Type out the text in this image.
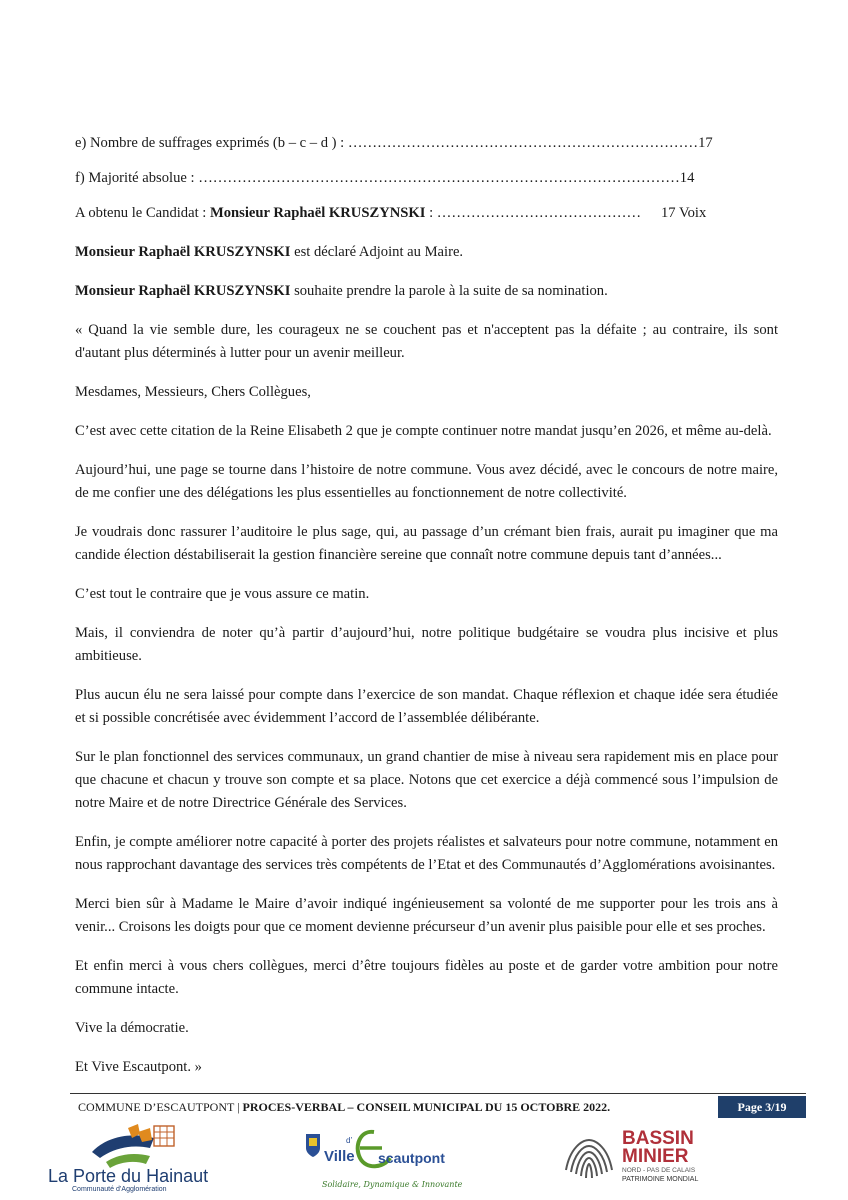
e) Nombre de suffrages exprimés (b – c – d ) : ………………………………………………………………17
f) Majorité absolue : ………………………………………………………………………………………14
A obtenu le Candidat : Monsieur Raphaël KRUSZYNSKI : …………………………………… 17 Voix

Monsieur Raphaël KRUSZYNSKI est déclaré Adjoint au Maire.

Monsieur Raphaël KRUSZYNSKI souhaite prendre la parole à la suite de sa nomination.

« Quand la vie semble dure, les courageux ne se couchent pas et n'acceptent pas la défaite ; au contraire, ils sont d'autant plus déterminés à lutter pour un avenir meilleur.

Mesdames, Messieurs, Chers Collègues,

C’est avec cette citation de la Reine Elisabeth 2 que je compte continuer notre mandat jusqu’en 2026, et même au-delà.

Aujourd’hui, une page se tourne dans l’histoire de notre commune. Vous avez décidé, avec le concours de notre maire, de me confier une des délégations les plus essentielles au fonctionnement de notre collectivité.

Je voudrais donc rassurer l’auditoire le plus sage, qui, au passage d’un crémant bien frais, aurait pu imaginer que ma candide élection déstabiliserait la gestion financière sereine que connaît notre commune depuis tant d’années...

C’est tout le contraire que je vous assure ce matin.

Mais, il conviendra de noter qu’à partir d’aujourd’hui, notre politique budgétaire se voudra plus incisive et plus ambitieuse.

Plus aucun élu ne sera laissé pour compte dans l’exercice de son mandat. Chaque réflexion et chaque idée sera étudiée et si possible concrétisée avec évidemment l’accord de l’assemblée délibérante.

Sur le plan fonctionnel des services communaux, un grand chantier de mise à niveau sera rapidement mis en place pour que chacune et chacun y trouve son compte et sa place. Notons que cet exercice a déjà commencé sous l’impulsion de notre Maire et de notre Directrice Générale des Services.

Enfin, je compte améliorer notre capacité à porter des projets réalistes et salvateurs pour notre commune, notamment en nous rapprochant davantage des services très compétents de l’Etat et des Communautés d’Agglomérations avoisinantes.

Merci bien sûr à Madame le Maire d’avoir indiqué ingénieusement sa volonté de me supporter pour les trois ans à venir... Croisons les doigts pour que ce moment devienne précurseur d’un avenir plus paisible pour elle et ses proches.

Et enfin merci à vous chers collègues, merci d’être toujours fidèles au poste et de garder votre ambition pour notre commune intacte.

Vive la démocratie.

Et Vive Escautpont. »

COMMUNE D’ESCAUTPONT | PROCES-VERBAL – CONSEIL MUNICIPAL DU 15 OCTOBRE 2022.	Page 3/19
La Porte du Hainaut
Communauté d’Agglomération
Ville
d’
scautpont
Solidaire, Dynamique & Innovante
BASSIN
MINIER
NORD - PAS DE CALAIS
PATRIMOINE MONDIAL
